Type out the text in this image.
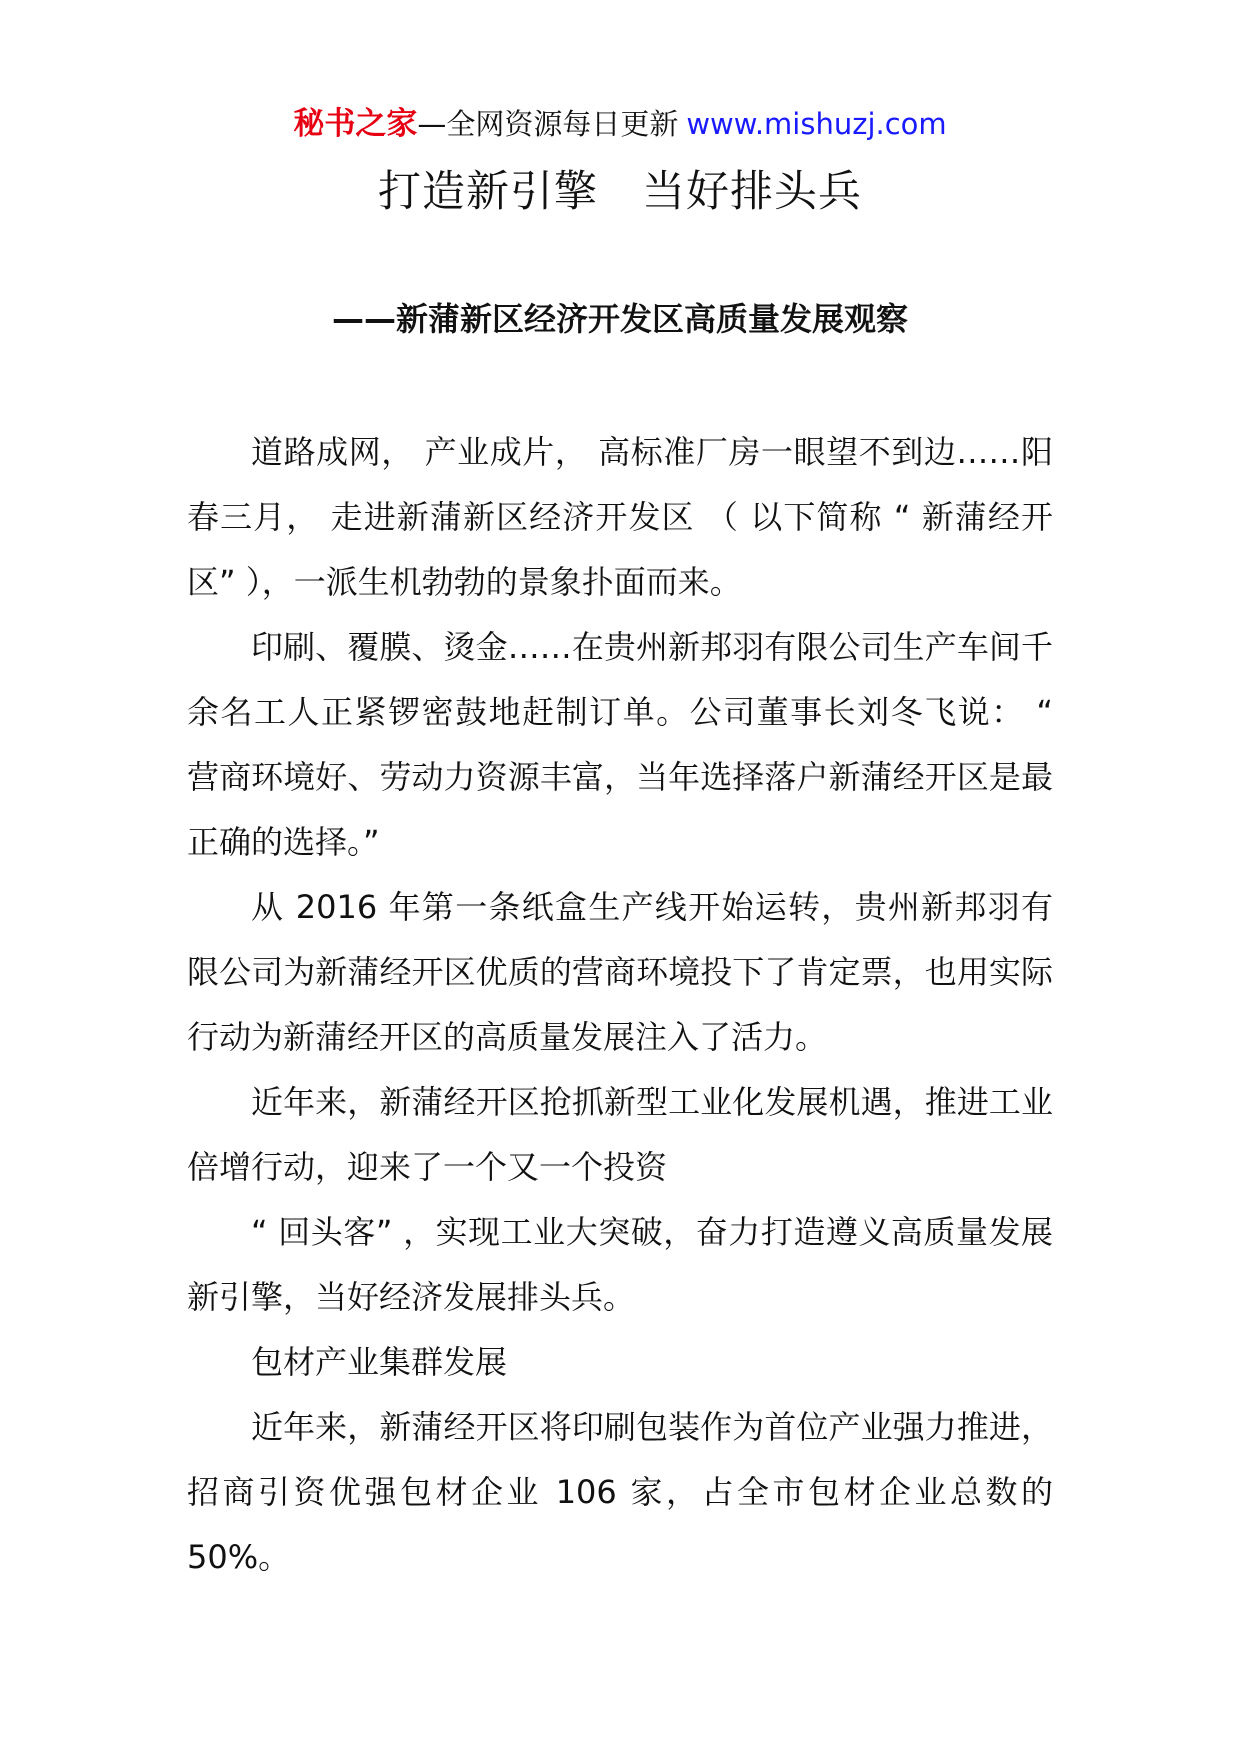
秘书之家—全网资源每日更新 www.mishuzj.com
打造新引擎　当好排头兵
——新蒲新区经济开发区高质量发展观察

道路成网， 产业成片， 高标准厂房一眼望不到边……阳春三月， 走进新蒲新区经济开发区 （ 以下简称 “ 新蒲经开区” ），一派生机勃勃的景象扑面而来。

印刷、覆膜、烫金……在贵州新邦羽有限公司生产车间千余名工人正紧锣密鼓地赶制订单。公司董事长刘冬飞说： “ 营商环境好、劳动力资源丰富，当年选择落户新蒲经开区是最正确的选择。”

从 2016 年第一条纸盒生产线开始运转，贵州新邦羽有限公司为新蒲经开区优质的营商环境投下了肯定票，也用实际行动为新蒲经开区的高质量发展注入了活力。

近年来，新蒲经开区抢抓新型工业化发展机遇，推进工业倍增行动，迎来了一个又一个投资

“ 回头客” ，实现工业大突破，奋力打造遵义高质量发展新引擎，当好经济发展排头兵。

包材产业集群发展

近年来，新蒲经开区将印刷包装作为首位产业强力推进，招商引资优强包材企业 106 家，占全市包材企业总数的 50%。
